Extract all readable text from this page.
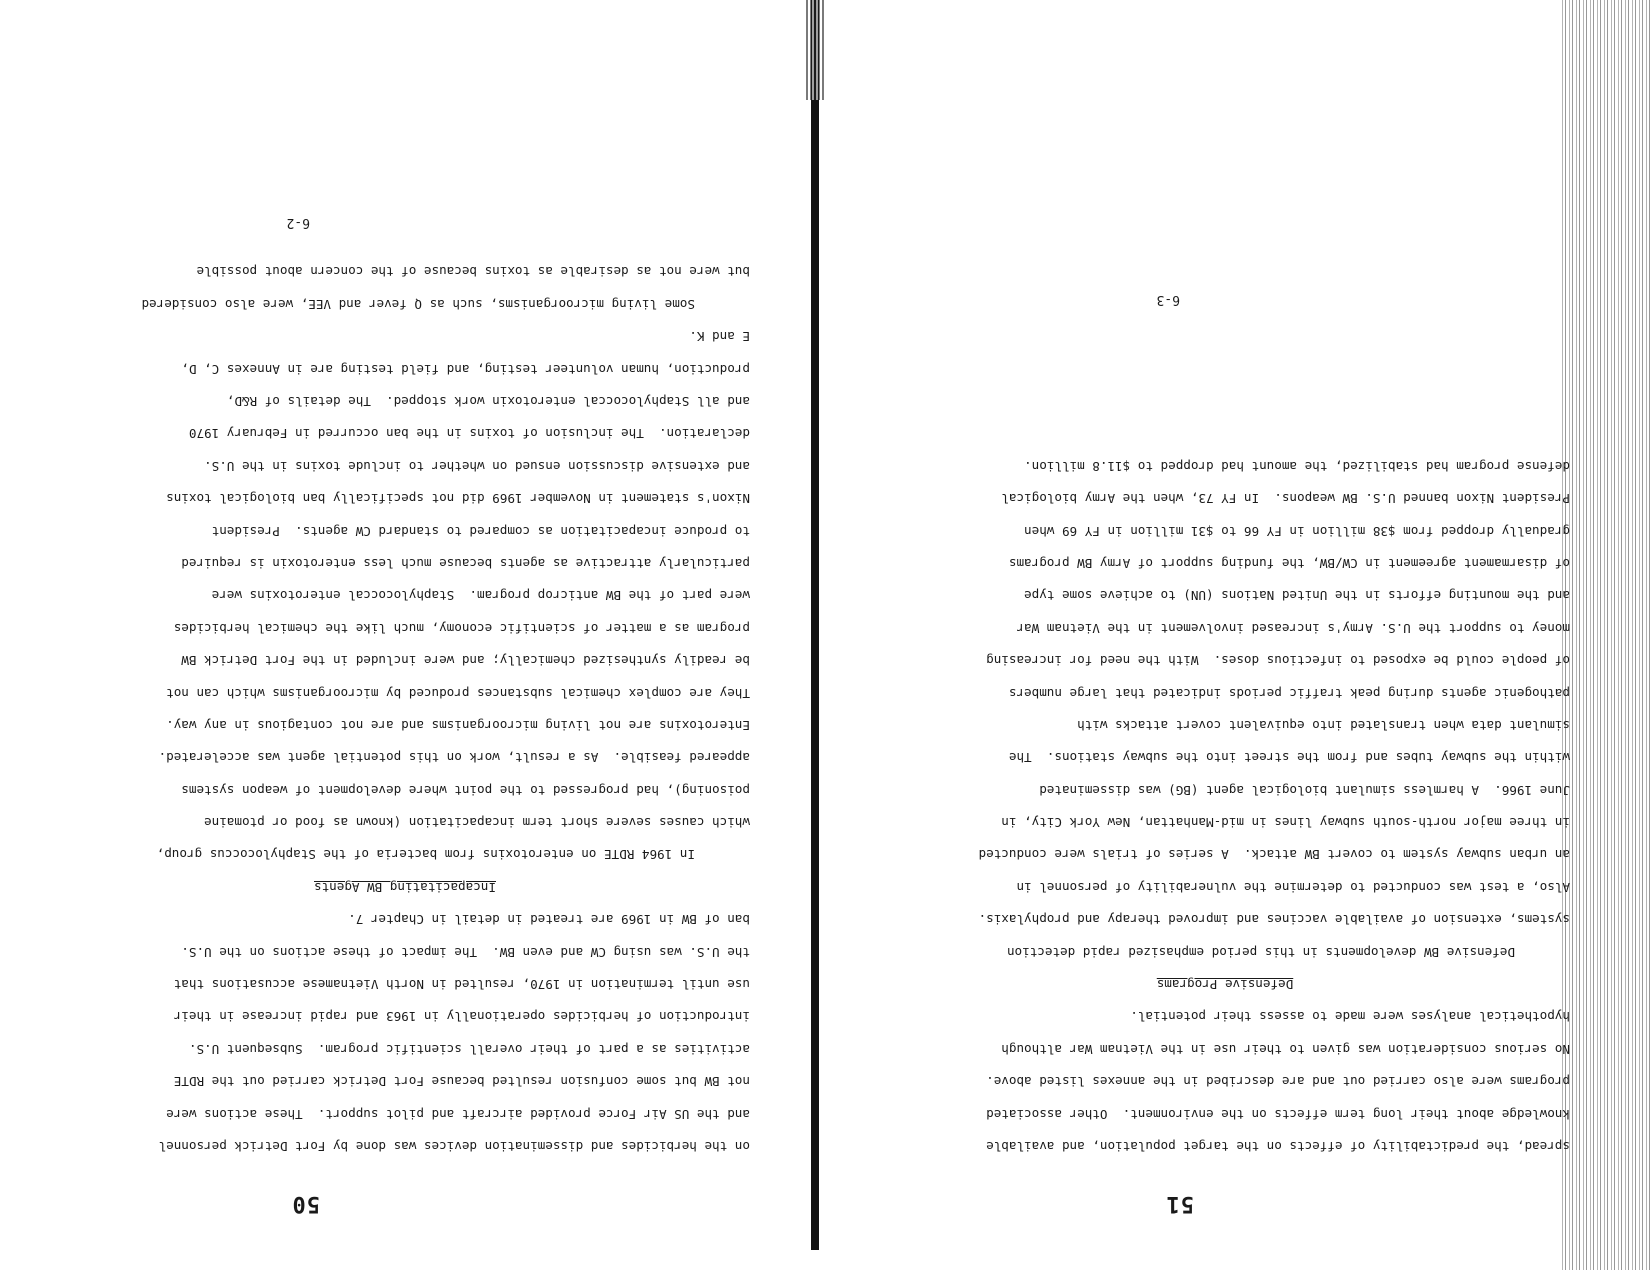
50
on the herbicides and dissemination devices was done by Fort Detrick personnel
and the US Air Force provided aircraft and pilot support.  These actions were
not BW but some confusion resulted because Fort Detrick carried out the RDTE
activities as a part of their overall scientific program.  Subsequent U.S.
introduction of herbicides operationally in 1963 and rapid increase in their
use until termination in 1970, resulted in North Vietnamese accusations that
the U.S. was using CW and even BW.  The impact of these actions on the U.S.
ban of BW in 1969 are treated in detail in Chapter 7.
Incapacitating BW Agents
In 1964 RDTE on enterotoxins from bacteria of the Staphylococcus group,
which causes severe short term incapacitation (known as food or ptomaine
poisoning), had progressed to the point where development of weapon systems
appeared feasible.  As a result, work on this potential agent was accelerated.
Enterotoxins are not living microorganisms and are not contagious in any way.
They are complex chemical substances produced by microorganisms which can not
be readily synthesized chemically; and were included in the Fort Detrick BW
program as a matter of scientific economy, much like the chemical herbicides
were part of the BW anticrop program.  Staphylococcal enterotoxins were
particularly attractive as agents because much less enterotoxin is required
to produce incapacitation as compared to standard CW agents.  President
Nixon's statement in November 1969 did not specifically ban biological toxins
and extensive discussion ensued on whether to include toxins in the U.S.
declaration.  The inclusion of toxins in the ban occurred in February 1970
and all Staphylococcal enterotoxin work stopped.  The details of R&D,
production, human volunteer testing, and field testing are in Annexes C, D,
E and K.
Some living microorganisms, such as Q fever and VEE, were also considered
but were not as desirable as toxins because of the concern about possible
6-2
51
spread, the predictability of effects on the target population, and available
knowledge about their long term effects on the environment.  Other associated
programs were also carried out and are described in the annexes listed above.
No serious consideration was given to their use in the Vietnam War although
hypothetical analyses were made to assess their potential.
Defensive Programs
Defensive BW developments in this period emphasized rapid detection
systems, extension of available vaccines and improved therapy and prophylaxis.
Also, a test was conducted to determine the vulnerability of personnel in
an urban subway system to covert BW attack.  A series of trials were conducted
in three major north-south subway lines in mid-Manhattan, New York City, in
June 1966.  A harmless simulant biological agent (BG) was disseminated
within the subway tubes and from the street into the subway stations.  The
simulant data when translated into equivalent covert attacks with
pathogenic agents during peak traffic periods indicated that large numbers
of people could be exposed to infectious doses.  With the need for increasing
money to support the U.S. Army's increased involvement in the Vietnam War
and the mounting efforts in the United Nations (UN) to achieve some type
of disarmament agreement in CW/BW, the funding support of Army BW programs
gradually dropped from $38 million in FY 66 to $31 million in FY 69 when
President Nixon banned U.S. BW weapons.  In FY 73, when the Army biological
defense program had stabilized, the amount had dropped to $11.8 million.
6-3
